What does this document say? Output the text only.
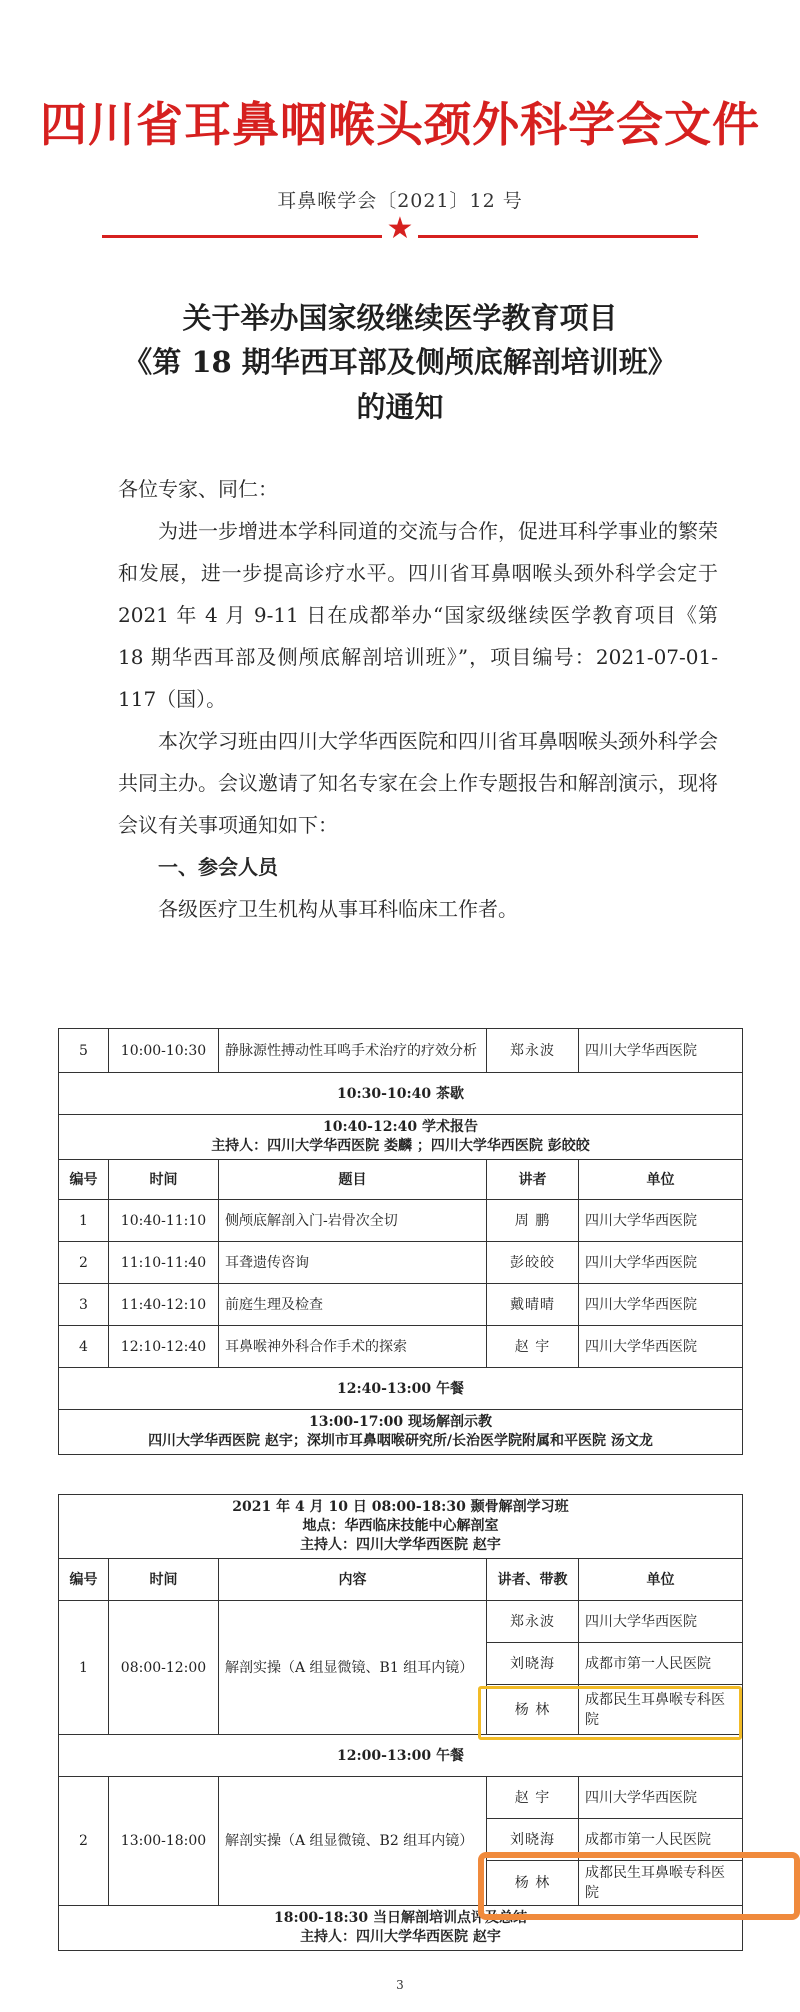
四川省耳鼻咽喉头颈外科学会文件
耳鼻喉学会〔2021〕12 号
★
关于举办国家级继续医学教育项目
《第 18 期华西耳部及侧颅底解剖培训班》
的通知
各位专家、同仁：
为进一步增进本学科同道的交流与合作，促进耳科学事业的繁荣和发展，进一步提高诊疗水平。四川省耳鼻咽喉头颈外科学会定于 2021 年 4 月 9-11 日在成都举办“国家级继续医学教育项目《第 18 期华西耳部及侧颅底解剖培训班》”，项目编号：2021-07-01-117（国）。
本次学习班由四川大学华西医院和四川省耳鼻咽喉头颈外科学会共同主办。会议邀请了知名专家在会上作专题报告和解剖演示，现将会议有关事项通知如下：
一、参会人员
各级医疗卫生机构从事耳科临床工作者。
5	10:00-10:30	静脉源性搏动性耳鸣手术治疗的疗效分析	郑永波	四川大学华西医院
10:30-10:40 茶歇				

10:40-12:40 学术报告
主持人：四川大学华西医院 娄麟 ；四川大学华西医院 彭皎皎				

编号	时间	题目	讲者	单位
1	10:40-11:10	侧颅底解剖入门-岩骨次全切	周 鹏	四川大学华西医院
2	11:10-11:40	耳聋遗传咨询	彭皎皎	四川大学华西医院
3	11:40-12:10	前庭生理及检查	戴晴晴	四川大学华西医院
4	12:10-12:40	耳鼻喉神外科合作手术的探索	赵 宇	四川大学华西医院
12:40-13:00 午餐				

13:00-17:00 现场解剖示教
四川大学华西医院 赵宇；深圳市耳鼻咽喉研究所/长治医学院附属和平医院 汤文龙				
2021 年 4 月 10 日 08:00-18:30 颞骨解剖学习班
地点：华西临床技能中心解剖室
主持人：四川大学华西医院 赵宇				

编号	时间	内容	讲者、带教	单位
1	08:00-12:00	解剖实操（A 组显微镜、B1 组耳内镜）	郑永波	四川大学华西医院
			刘晓海	成都市第一人民医院
			杨 林	成都民生耳鼻喉专科医院
12:00-13:00 午餐				
2	13:00-18:00	解剖实操（A 组显微镜、B2 组耳内镜）	赵 宇	四川大学华西医院
			刘晓海	成都市第一人民医院
			杨 林	成都民生耳鼻喉专科医院

18:00-18:30 当日解剖培训点评及总结
主持人：四川大学华西医院 赵宇				
3
